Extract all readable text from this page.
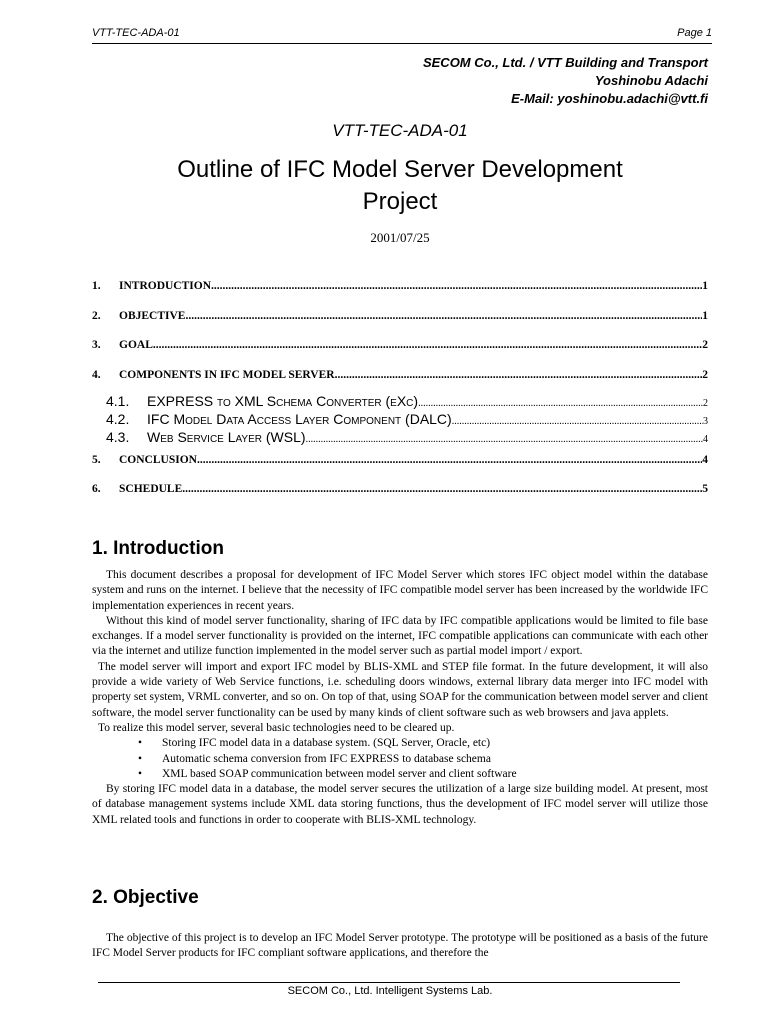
VTT-TEC-ADA-01	Page 1
SECOM Co., Ltd. / VTT Building and Transport
Yoshinobu Adachi
E-Mail: yoshinobu.adachi@vtt.fi
VTT-TEC-ADA-01
Outline of IFC Model Server Development
Project
2001/07/25
1.	INTRODUCTION .....	1
2.	OBJECTIVE .....	1
3.	GOAL .....	2
4.	COMPONENTS IN IFC MODEL SERVER .....	2
4.1.	EXPRESS to XML Schema Converter (eXc) .....	2
4.2.	IFC Model Data Access Layer Component (DALC) .....	3
4.3.	Web Service Layer (WSL) .....	4
5.	CONCLUSION .....	4
6.	SCHEDULE .....	5
1. Introduction

This document describes a proposal for development of IFC Model Server which stores IFC object model within the database system and runs on the internet. I believe that the necessity of IFC compatible model server has been increased by the worldwide IFC implementation experiences in recent years.

Without this kind of model server functionality, sharing of IFC data by IFC compatible applications would be limited to file base exchanges. If a model server functionality is provided on the internet, IFC compatible applications can communicate with each other via the internet and utilize function implemented in the model server such as partial model import / export.

The model server will import and export IFC model by BLIS-XML and STEP file format. In the future development, it will also provide a wide variety of Web Service functions, i.e. scheduling doors windows, external library data merger into IFC model with property set system, VRML converter, and so on. On top of that, using SOAP for the communication between model server and client software, the model server functionality can be used by many kinds of client software such as web browsers and java applets.

To realize this model server, several basic technologies need to be cleared up.

• Storing IFC model data in a database system. (SQL Server, Oracle, etc)
• Automatic schema conversion from IFC EXPRESS to database schema
• XML based SOAP communication between model server and client software

By storing IFC model data in a database, the model server secures the utilization of a large size building model. At present, most of database management systems include XML data storing functions, thus the development of IFC model server will utilize those XML related tools and functions in order to cooperate with BLIS-XML technology.

2. Objective

The objective of this project is to develop an IFC Model Server prototype. The prototype will be positioned as a basis of the future IFC Model Server products for IFC compliant software applications, and therefore the

SECOM Co., Ltd. Intelligent Systems Lab.
